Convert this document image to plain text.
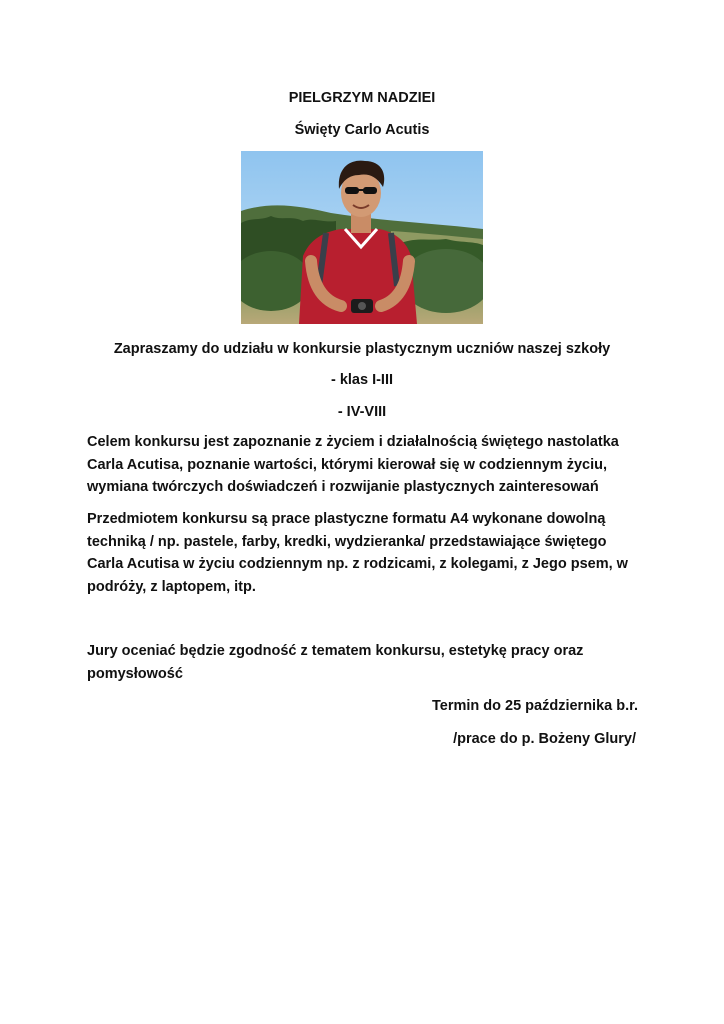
PIELGRZYM NADZIEI
Święty Carlo Acutis
Zapraszamy do udziału w konkursie plastycznym uczniów naszej szkoły
- klas I-III
- IV-VIII
Celem konkursu jest zapoznanie z życiem i działalnością świętego nastolatka
Carla Acutisa, poznanie wartości, którymi kierował się w codziennym życiu,
wymiana twórczych doświadczeń i rozwijanie plastycznych zainteresowań
Przedmiotem konkursu są prace plastyczne formatu A4 wykonane dowolną
techniką / np. pastele, farby, kredki, wydzieranka/ przedstawiające świętego
Carla Acutisa w życiu codziennym np. z rodzicami, z kolegami, z Jego psem, w
podróży, z laptopem, itp.
Jury oceniać będzie zgodność z tematem konkursu, estetykę pracy oraz
pomysłowość
Termin do 25 października b.r.
/prace do p. Bożeny Glury/
